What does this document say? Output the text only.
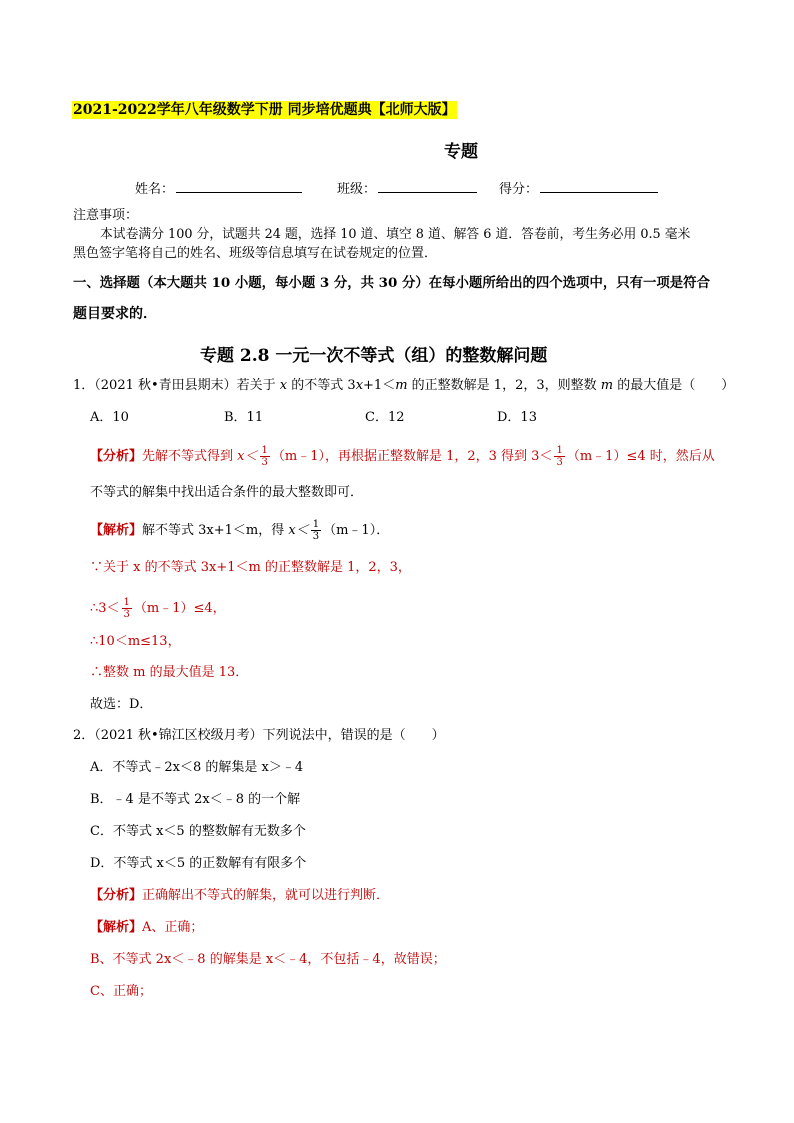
2021-2022学年八年级数学下册 同步培优题典【北师大版】
专题
姓名：	班级：	得分：
注意事项：
本试卷满分 100 分，试题共 24 题，选择 10 道、填空 8 道、解答 6 道．答卷前，考生务必用 0.5 毫米
黑色签字笔将自己的姓名、班级等信息填写在试卷规定的位置．
一、选择题（本大题共 10 小题，每小题 3 分，共 30 分）在每小题所给出的四个选项中，只有一项是符合
题目要求的．
专题 2.8 一元一次不等式（组）的整数解问题
1．（2021 秋•青田县期末）若关于 x 的不等式 3x+1＜m 的正整数解是 1，2，3，则整数 m 的最大值是（　　）
A．10	B．11	C．12	D．13
【分析】先解不等式得到 $x< \frac{1}{3}$ （m﹣1），再根据正整数解是 1，2，3 得到 $3< \frac{1}{3}$ （m﹣1）≤4 时，然后从
不等式的解集中找出适合条件的最大整数即可．
【解析】解不等式 3x+1＜m，得 $x< \frac{1}{3}$ （m﹣1）．
∵关于 x 的不等式 3x+1＜m 的正整数解是 1，2，3，
∴3＜ $\frac{1}{3}$ （m﹣1）≤4，
∴10＜m≤13，
∴整数 m 的最大值是 13．
故选：D．
2．（2021 秋•锦江区校级月考）下列说法中，错误的是（　　）
A．不等式﹣2x＜8 的解集是 x＞﹣4
B．﹣4 是不等式 2x＜﹣8 的一个解
C．不等式 x＜5 的整数解有无数多个
D．不等式 x＜5 的正数解有有限多个
【分析】正确解出不等式的解集，就可以进行判断．
【解析】A、正确；
B、不等式 2x＜﹣8 的解集是 x＜﹣4，不包括﹣4，故错误；
C、正确；
